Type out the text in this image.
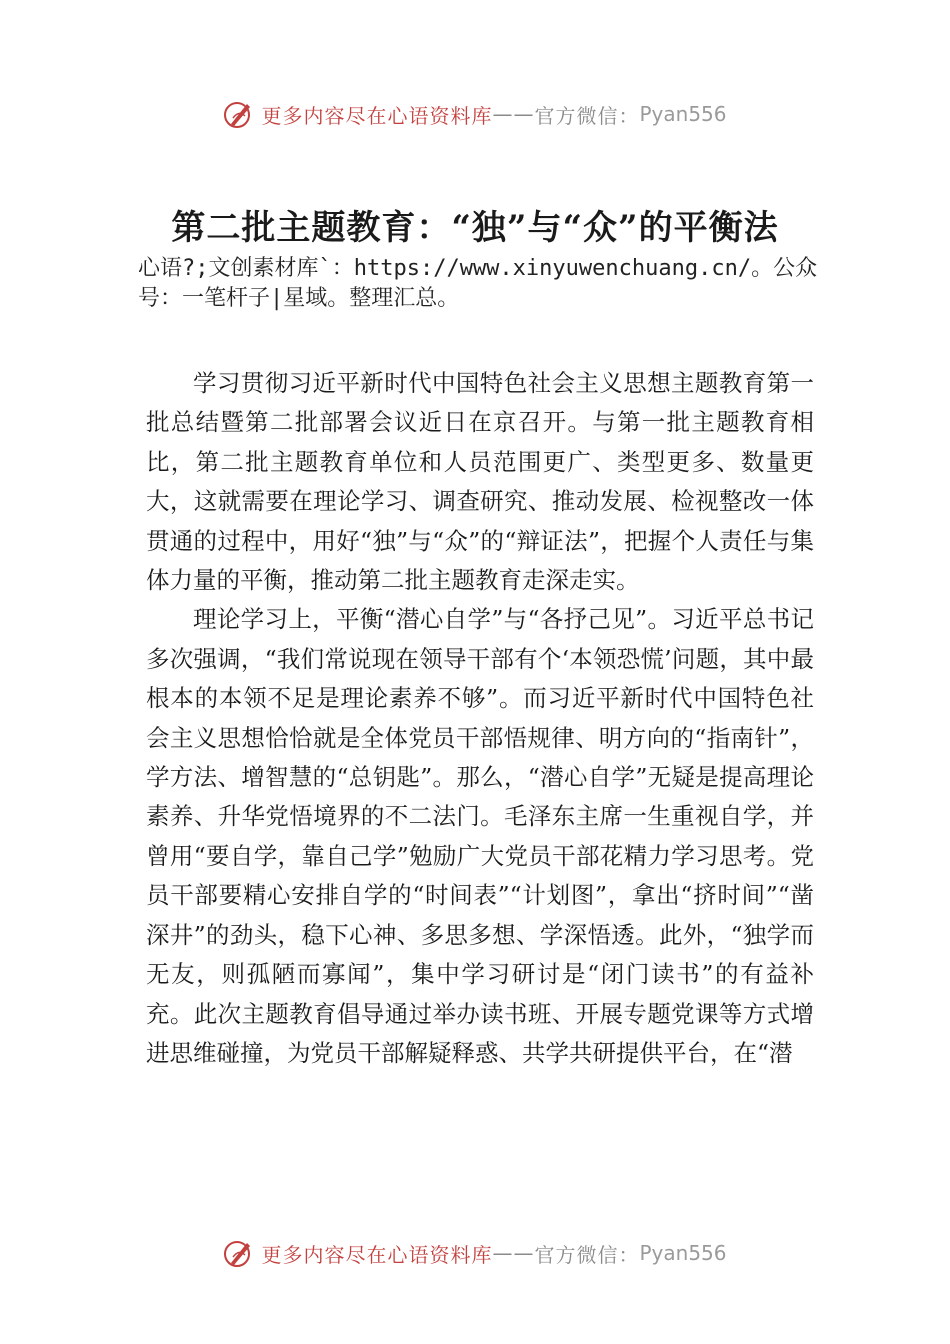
更多内容尽在心语资料库 —— 官方微信： Pyan556
第二批主题教育：“独”与“众”的平衡法
心语?;文创素材库`：https://www.xinyuwenchuang.cn/。公众号：一笔杆子|星域。整理汇总。

学习贯彻习近平新时代中国特色社会主义思想主题教育第一批总结暨第二批部署会议近日在京召开。与第一批主题教育相比，第二批主题教育单位和人员范围更广、类型更多、数量更大，这就需要在理论学习、调查研究、推动发展、检视整改一体贯通的过程中，用好“独”与“众”的“辩证法”，把握个人责任与集体力量的平衡，推动第二批主题教育走深走实。

理论学习上，平衡“潜心自学”与“各抒己见”。习近平总书记多次强调，“我们常说现在领导干部有个‘本领恐慌’问题，其中最根本的本领不足是理论素养不够”。而习近平新时代中国特色社会主义思想恰恰就是全体党员干部悟规律、明方向的“指南针”，学方法、增智慧的“总钥匙”。那么，“潜心自学”无疑是提高理论素养、升华党悟境界的不二法门。毛泽东主席一生重视自学，并曾用“要自学，靠自己学”勉励广大党员干部花精力学习思考。党员干部要精心安排自学的“时间表”“计划图”，拿出“挤时间”“凿深井”的劲头，稳下心神、多思多想、学深悟透。此外，“独学而无友，则孤陋而寡闻”，集中学习研讨是“闭门读书”的有益补充。此次主题教育倡导通过举办读书班、开展专题党课等方式增进思维碰撞，为党员干部解疑释惑、共学共研提供平台，在“潜

更多内容尽在心语资料库 —— 官方微信： Pyan556
